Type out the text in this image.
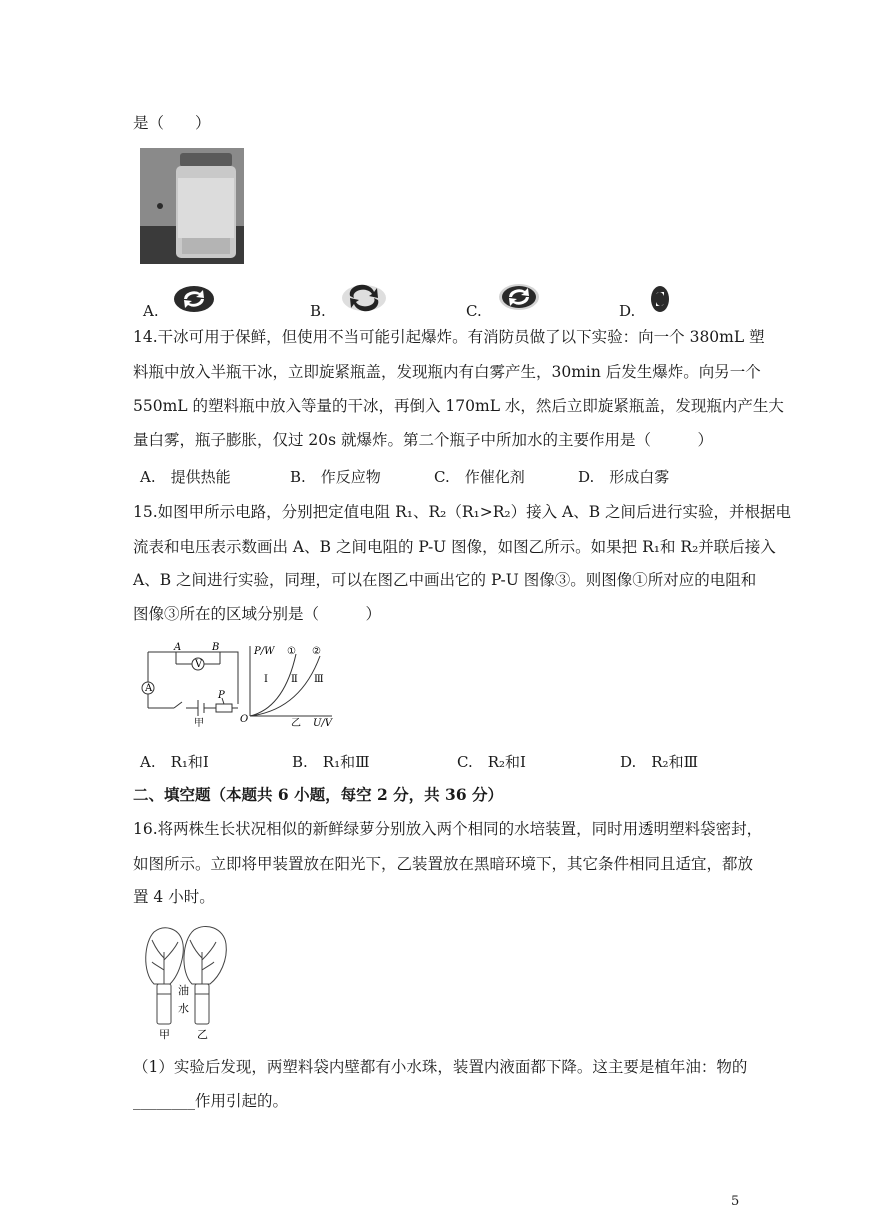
是（　　）
A.	B.	C.	D.
14.干冰可用于保鲜，但使用不当可能引起爆炸。有消防员做了以下实验：向一个 380mL 塑
料瓶中放入半瓶干冰，立即旋紧瓶盖，发现瓶内有白雾产生，30min 后发生爆炸。向另一个
550mL 的塑料瓶中放入等量的干冰，再倒入 170mL 水，然后立即旋紧瓶盖，发现瓶内产生大
量白雾，瓶子膨胀，仅过 20s 就爆炸。第二个瓶子中所加水的主要作用是（　　　）
A.　提供热能	B.　作反应物	C.　作催化剂	D.　形成白雾
15.如图甲所示电路，分别把定值电阻 R₁、R₂（R₁>R₂）接入 A、B 之间后进行实验，并根据电
流表和电压表示数画出 A、B 之间电阻的 P-U 图像，如图乙所示。如果把 R₁和 R₂并联后接入
A、B 之间进行实验，同理，可以在图乙中画出它的 P-U 图像③。则图像①所对应的电阻和
图像③所在的区域分别是（　　　）
A
V
A	B
P
甲
P/W
O	U/V
乙
① ②
Ⅰ Ⅱ Ⅲ
A.　R₁和Ⅰ	B.　R₁和Ⅲ	C.　R₂和Ⅰ	D.　R₂和Ⅲ
二、填空题（本题共 6 小题，每空 2 分，共 36 分）
16.将两株生长状况相似的新鲜绿萝分别放入两个相同的水培装置，同时用透明塑料袋密封，
如图所示。立即将甲装置放在阳光下，乙装置放在黑暗环境下，其它条件相同且适宜，都放
置 4 小时。
油
水
甲 乙
（1）实验后发现，两塑料袋内壁都有小水珠，装置内液面都下降。这主要是植年油：物的
________作用引起的。
5
